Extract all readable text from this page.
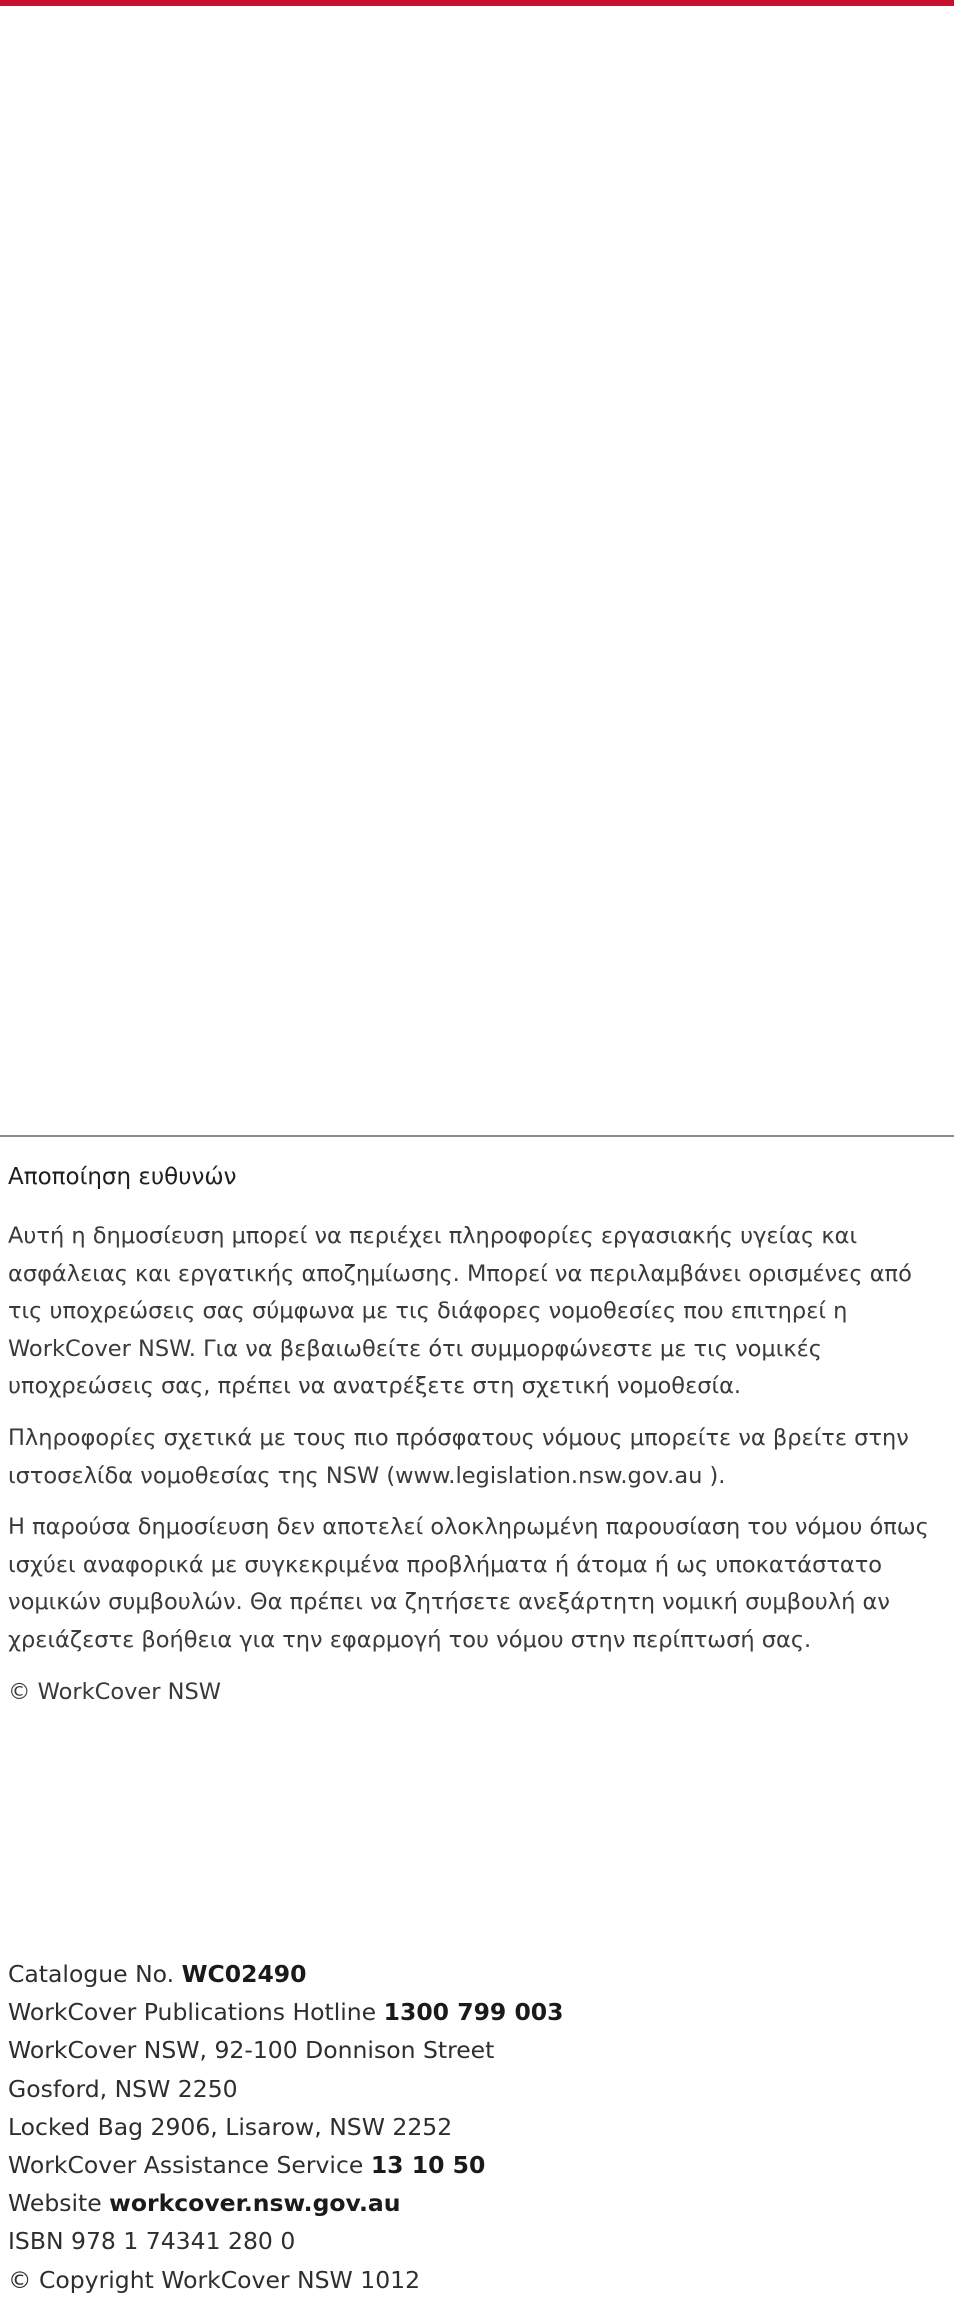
Αποποίηση ευθυνών

Αυτή η δημοσίευση μπορεί να περιέχει πληροφορίες εργασιακής υγείας και ασφάλειας και εργατικής αποζημίωσης. Μπορεί να περιλαμβάνει ορισμένες από τις υποχρεώσεις σας σύμφωνα με τις διάφορες νομοθεσίες που επιτηρεί η WorkCover NSW. Για να βεβαιωθείτε ότι συμμορφώνεστε με τις νομικές υποχρεώσεις σας, πρέπει να ανατρέξετε στη σχετική νομοθεσία.

Πληροφορίες σχετικά με τους πιο πρόσφατους νόμους μπορείτε να βρείτε στην ιστοσελίδα νομοθεσίας της NSW (www.legislation.nsw.gov.au ).

Η παρούσα δημοσίευση δεν αποτελεί ολοκληρωμένη παρουσίαση του νόμου όπως ισχύει αναφορικά με συγκεκριμένα προβλήματα ή άτομα ή ως υποκατάστατο νομικών συμβουλών. Θα πρέπει να ζητήσετε ανεξάρτητη νομική συμβουλή αν χρειάζεστε βοήθεια για την εφαρμογή του νόμου στην περίπτωσή σας.

© WorkCover NSW

Catalogue No. WC02490
WorkCover Publications Hotline 1300 799 003
WorkCover NSW, 92-100 Donnison Street
Gosford, NSW 2250
Locked Bag 2906, Lisarow, NSW 2252
WorkCover Assistance Service 13 10 50
Website workcover.nsw.gov.au
ISBN 978 1 74341 280 0
© Copyright WorkCover NSW 1012
